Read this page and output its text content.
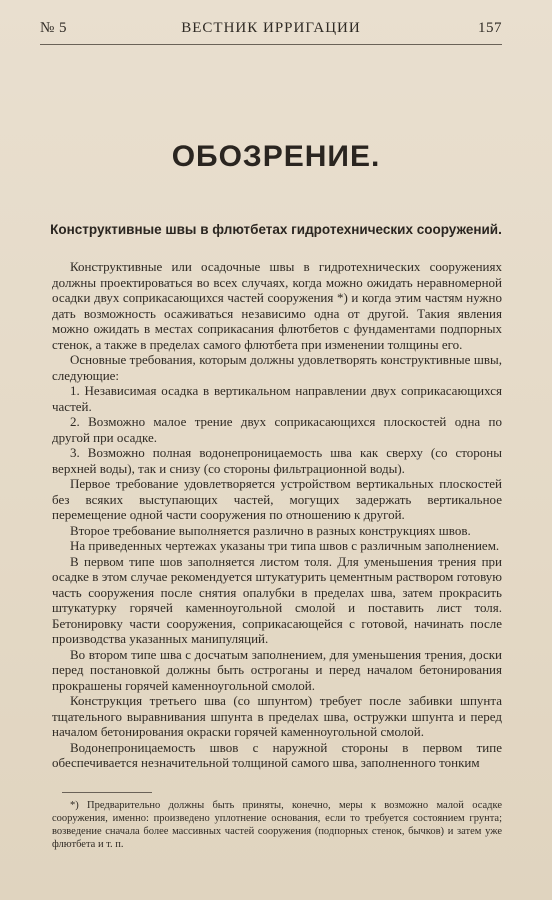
№ 5	ВЕСТНИК ИРРИГАЦИИ	157
ОБОЗРЕНИЕ.
Конструктивные швы в флютбетах гидротехнических сооружений.

Конструктивные или осадочные швы в гидротехнических сооружениях должны проектироваться во всех случаях, когда можно ожидать неравномерной осадки двух соприкасающихся частей сооружения *) и когда этим частям нужно дать возможность осаживаться независимо одна от другой. Такия явления можно ожидать в местах соприкасания флютбетов с фундаментами подпорных стенок, а также в пределах самого флютбета при изменении толщины его.

Основные требования, которым должны удовлетворять конструктивные швы, следующие:

1. Независимая осадка в вертикальном направлении двух соприкасающихся частей.

2. Возможно малое трение двух соприкасающихся плоскостей одна по другой при осадке.

3. Возможно полная водонепроницаемость шва как сверху (со стороны верхней воды), так и снизу (со стороны фильтрационной воды).

Первое требование удовлетворяется устройством вертикальных плоскостей без всяких выступающих частей, могущих задержать вертикальное перемещение одной части сооружения по отношению к другой.

Второе требование выполняется различно в разных конструкциях швов.

На приведенных чертежах указаны три типа швов с различным заполнением.

В первом типе шов заполняется листом толя. Для уменьшения трения при осадке в этом случае рекомендуется штукатурить цементным раствором готовую часть сооружения после снятия опалубки в пределах шва, затем прокрасить штукатурку горячей каменноугольной смолой и поставить лист толя. Бетонировку части сооружения, соприкасающейся с готовой, начинать после производства указанных манипуляций.

Во втором типе шва с досчатым заполнением, для уменьшения трения, доски перед постановкой должны быть остроганы и перед началом бетонирования прокрашены горячей каменноугольной смолой.

Конструкция третьего шва (со шпунтом) требует после забивки шпунта тщательного выравнивания шпунта в пределах шва, остружки шпунта и перед началом бетонирования окраски горячей каменноугольной смолой.

Водонепроницаемость швов с наружной стороны в первом типе обеспечивается незначительной толщиной самого шва, заполненного тонким

*) Предварительно должны быть приняты, конечно, меры к возможно малой осадке сооружения, именно: произведено уплотнение основания, если то требуется состоянием грунта; возведение сначала более массивных частей сооружения (подпорных стенок, бычков) и затем уже флютбета и т. п.
